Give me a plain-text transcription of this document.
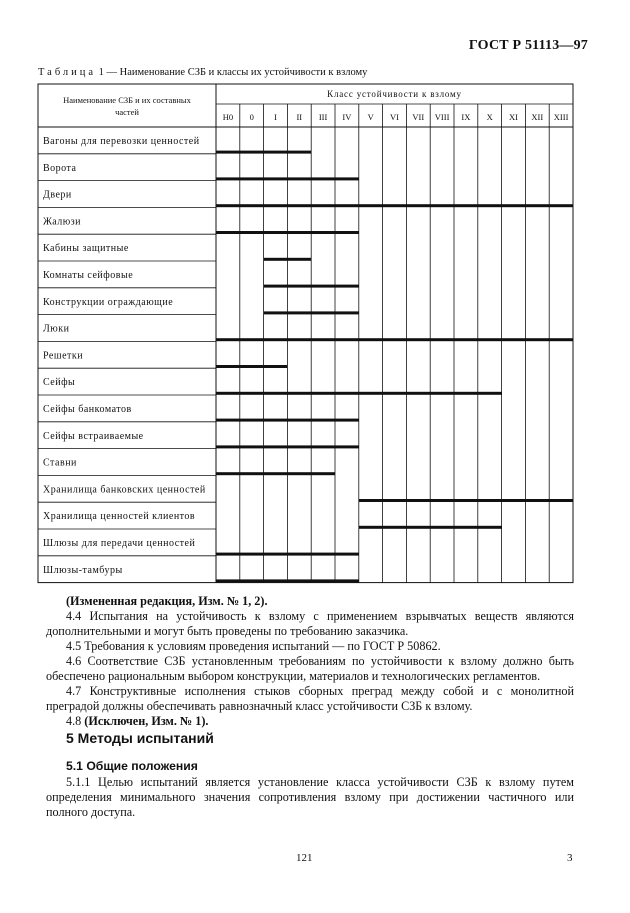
ГОСТ Р 51113—97
Таблица 1 — Наименование СЗБ и классы их устойчивости к взлому
Наименование СЗБ и их составных
частей
Класс устойчивости к взлому
Н0 0 I II III IV V VI VII VIII IX X XI XII XIII
Вагоны для перевозки ценностей
Ворота
Двери
Жалюзи
Кабины защитные
Комнаты сейфовые
Конструкции ограждающие
Люки
Решетки
Сейфы
Сейфы банкоматов
Сейфы встраиваемые
Ставни
Хранилища банковских ценностей
Хранилища ценностей клиентов
Шлюзы для передачи ценностей
Шлюзы-тамбуры

(Измененная редакция, Изм. № 1, 2).

4.4 Испытания на устойчивость к взлому с применением взрывчатых веществ являются дополнительными и могут быть проведены по требованию заказчика.

4.5 Требования к условиям проведения испытаний — по ГОСТ Р 50862.

4.6 Соответствие СЗБ установленным требованиям по устойчивости к взлому должно быть обеспечено рациональным выбором конструкции, материалов и технологических регламентов.

4.7 Конструктивные исполнения стыков сборных преград между собой и с монолитной преградой должны обеспечивать равнозначный класс устойчивости СЗБ к взлому.

4.8 (Исключен, Изм. № 1).

5 Методы испытаний
5.1 Общие положения

5.1.1 Целью испытаний является установление класса устойчивости СЗБ к взлому путем определения минимального значения сопротивления взлому при достижении частичного или полного доступа.

121	3
